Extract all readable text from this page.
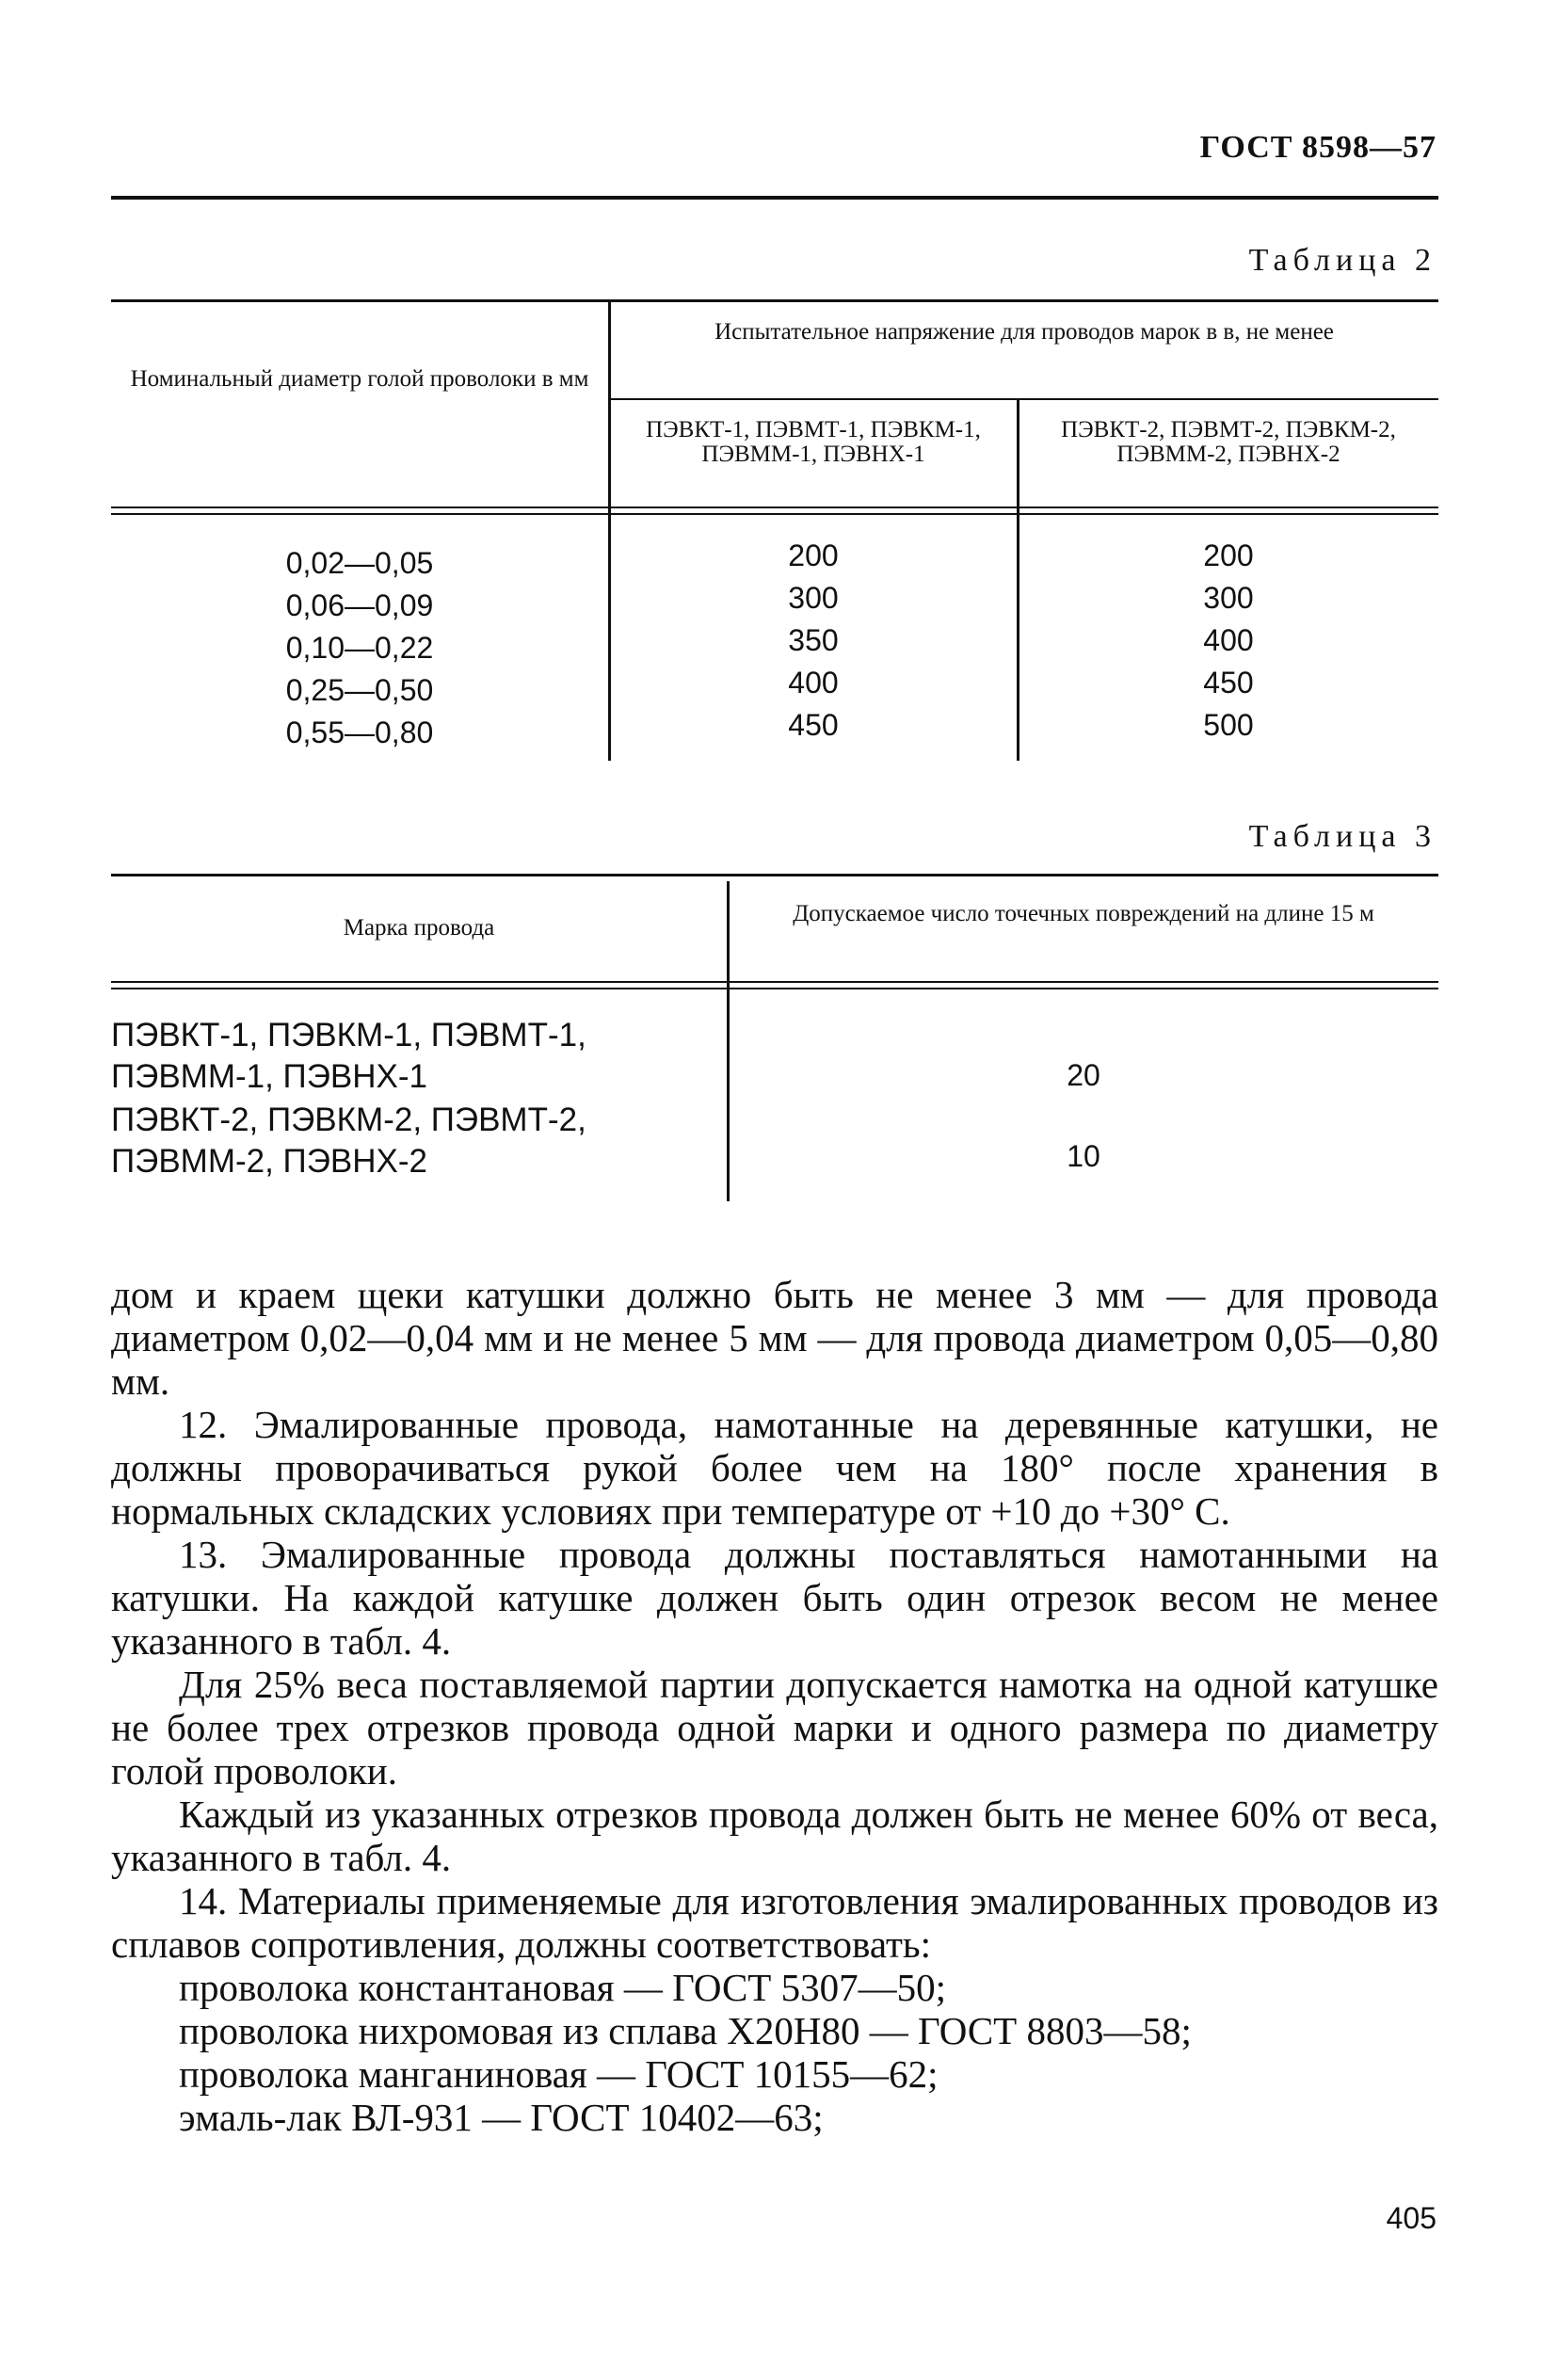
ГОСТ 8598—57
Таблица 2
Номинальный диаметр голой проволоки в мм
Испытательное напряжение для проводов марок в в, не менее
ПЭВКТ-1, ПЭВМТ-1, ПЭВКМ-1, ПЭВММ-1, ПЭВНХ-1
ПЭВКТ-2, ПЭВМТ-2, ПЭВКМ-2, ПЭВММ-2, ПЭВНХ-2
0,02—0,05
0,06—0,09
0,10—0,22
0,25—0,50
0,55—0,80
200
300
350
400
450
200
300
400
450
500
Таблица 3
Марка провода
Допускаемое число точечных повреждений на длине 15 м
ПЭВКТ-1, ПЭВКМ-1, ПЭВМТ-1, ПЭВММ-1, ПЭВНХ-1	20
ПЭВКТ-2, ПЭВКМ-2, ПЭВМТ-2, ПЭВММ-2, ПЭВНХ-2	10

дом и краем щеки катушки должно быть не менее 3 мм — для провода диаметром 0,02—0,04 мм и не менее 5 мм — для провода диаметром 0,05—0,80 мм.

12. Эмалированные провода, намотанные на деревянные катушки, не должны проворачиваться рукой более чем на 180° после хранения в нормальных складских условиях при температуре от +10 до +30° С.

13. Эмалированные провода должны поставляться намотанными на катушки. На каждой катушке должен быть один отрезок весом не менее указанного в табл. 4.

Для 25% веса поставляемой партии допускается намотка на одной катушке не более трех отрезков провода одной марки и одного размера по диаметру голой проволоки.

Каждый из указанных отрезков провода должен быть не менее 60% от веса, указанного в табл. 4.

14. Материалы применяемые для изготовления эмалированных проводов из сплавов сопротивления, должны соответствовать:

проволока константановая — ГОСТ 5307—50;

проволока нихромовая из сплава Х20Н80 — ГОСТ 8803—58;

проволока манганиновая — ГОСТ 10155—62;

эмаль-лак ВЛ-931 — ГОСТ 10402—63;

405
